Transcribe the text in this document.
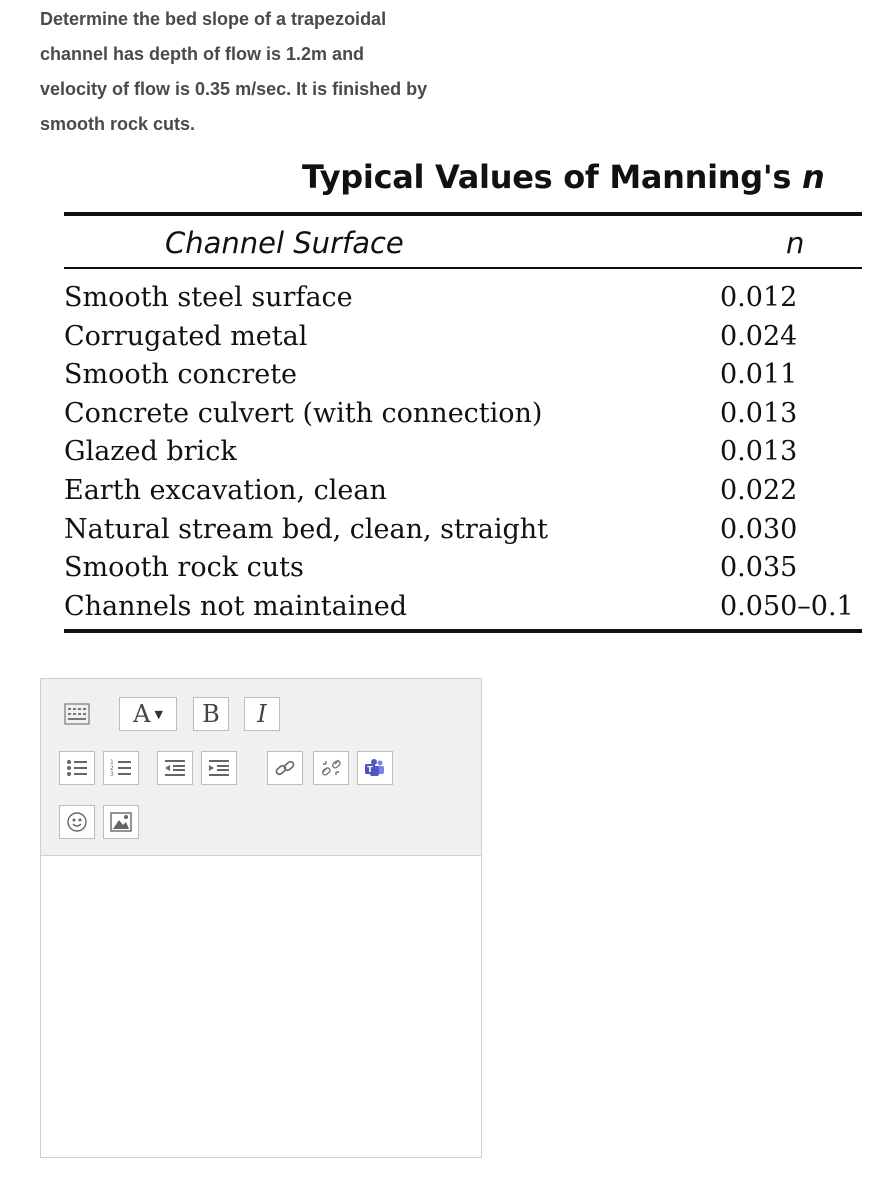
Determine the bed slope of a trapezoidal
channel has depth of flow is 1.2m and
velocity of flow is 0.35 m/sec. It is finished by
smooth rock cuts.
Typical Values of Manning's n
Channel Surface	n
Smooth steel surface	0.012
Corrugated metal	0.024
Smooth concrete	0.011
Concrete culvert (with connection)	0.013
Glazed brick	0.013
Earth excavation, clean	0.022
Natural stream bed, clean, straight	0.030
Smooth rock cuts	0.035
Channels not maintained	0.050–0.1
A ▼ B I
1
2
3
T
